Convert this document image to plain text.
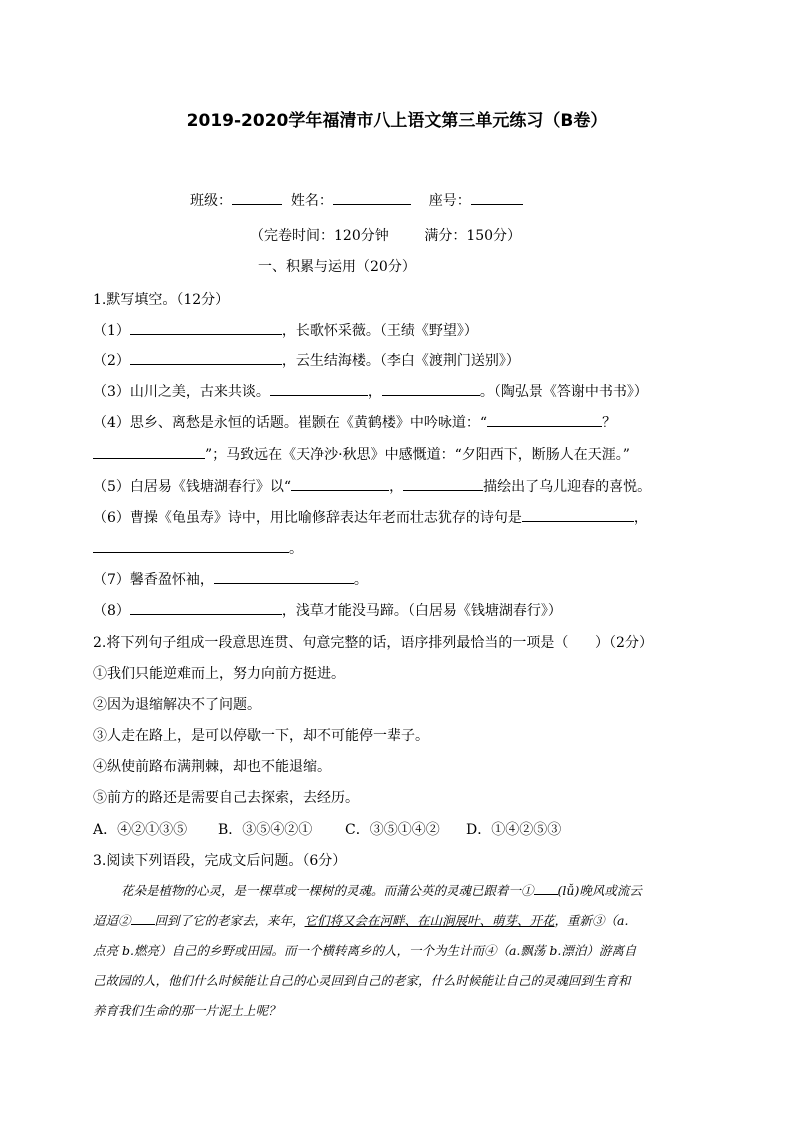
2019-2020学年福清市八上语文第三单元练习（B卷）
班级：	姓名：	座号：
（完卷时间：120分钟        满分：150分）
一、积累与运用（20分）
1.默写填空。（12分）
（1）	，长歌怀采薇。（王绩《野望》）
（2）	，云生结海楼。（李白《渡荆门送别》）
（3）山川之美，古来共谈。	，	。（陶弘景《答谢中书书》）
（4）思乡、离愁是永恒的话题。崔颢在《黄鹤楼》中吟咏道：“	？
”；马致远在《天净沙·秋思》中感慨道：“夕阳西下，断肠人在天涯。”
（5）白居易《钱塘湖春行》以“	，	描绘出了乌儿迎春的喜悦。
（6）曹操《龟虽寿》诗中，用比喻修辞表达年老而壮志犹存的诗句是	，
。
（7）馨香盈怀袖，	。
（8）	，浅草才能没马蹄。（白居易《钱塘湖春行》）
2.将下列句子组成一段意思连贯、句意完整的话，语序排列最恰当的一项是（      ）（2分）
①我们只能逆难而上，努力向前方挺进。
②因为退缩解决不了问题。
③人走在路上，是可以停歇一下，却不可能停一辈子。
④纵使前路布满荆棘，却也不能退缩。
⑤前方的路还是需要自己去探索，去经历。
A．④②①③⑤ B．③⑤④②① C．③⑤①④② D．①④②⑤③
3.阅读下列语段，完成文后问题。（6分）
花朵是植物的心灵，是一棵草或一棵树的灵魂。而蒲公英的灵魂已跟着一① (lǚ)晚风或流云
迢迢② 回到了它的老家去，来年，它们将又会在河畔、在山涧展叶、萌芽、开花，重新③（a.
点亮 b.燃亮）自己的乡野或田园。而一个横转离乡的人，一个为生计而④（a.飘荡 b.漂泊）游离自
己故园的人，他们什么时候能让自己的心灵回到自己的老家，什么时候能让自己的灵魂回到生育和
养育我们生命的那一片泥土上呢？
